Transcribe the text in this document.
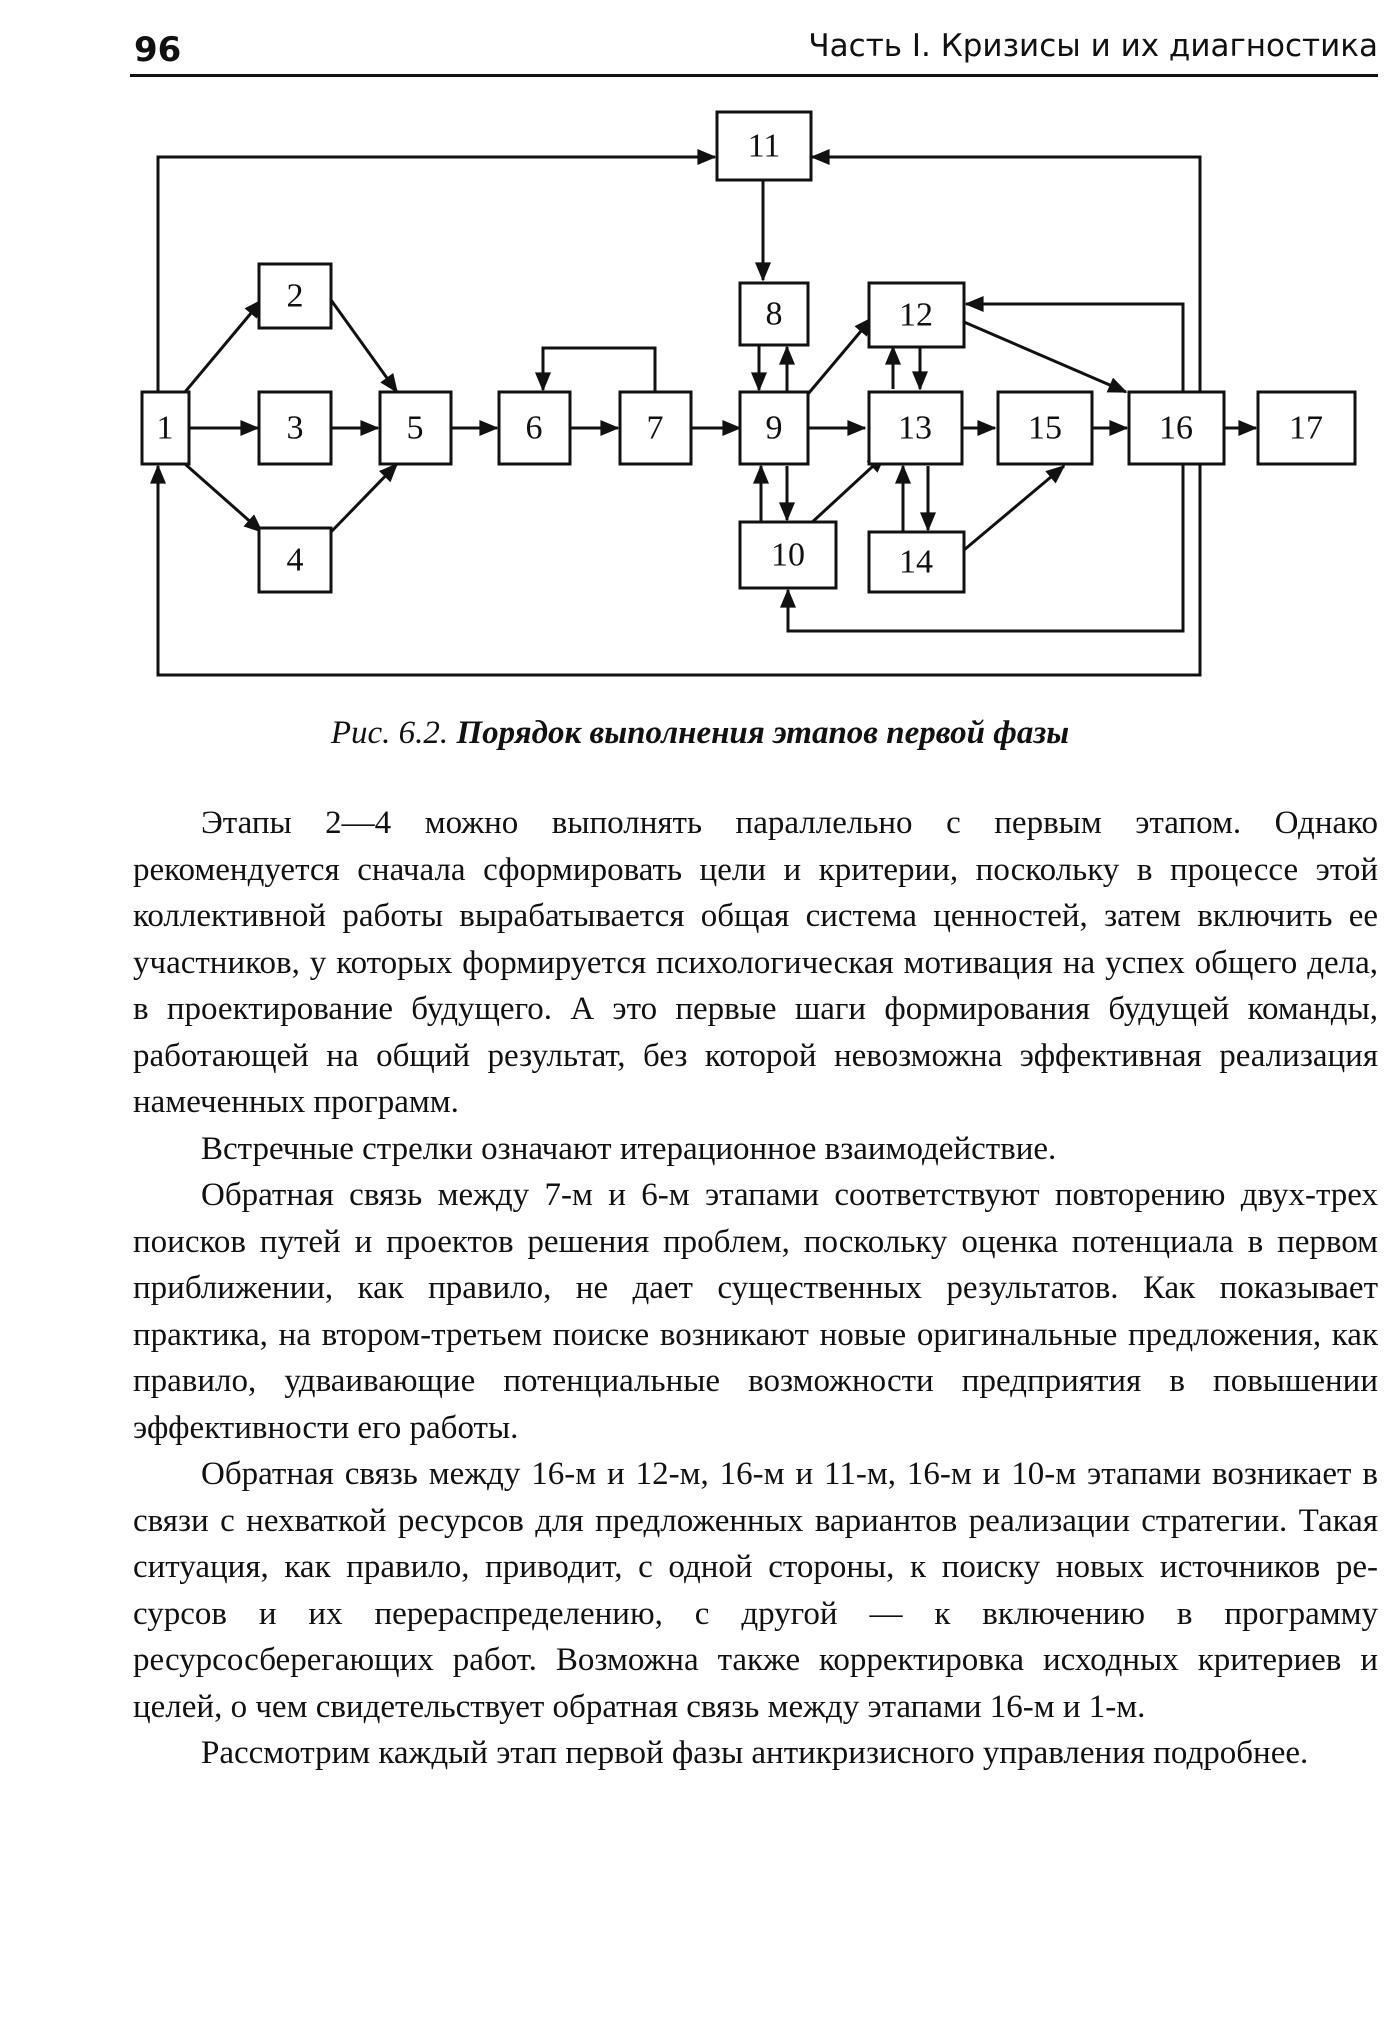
96	Часть I. Кризисы и их диагностика
1
2
3
4
5	6	7
8
9
10
11
12
13
14
15	16	17
Рис. 6.2. Порядок выполнения этапов первой фазы

Этапы 2—4 можно выполнять параллельно с первым этапом. Однако рекомендуется сначала сформировать цели и критерии, поскольку в процессе этой коллективной работы вырабатывается общая система ценностей, затем включить ее участников, у которых формируется психологическая мотивация на успех общего дела, в проектирование будущего. А это первые шаги формирования будущей команды, работающей на общий результат, без которой невозможна эффективная реализация намеченных программ.

Встречные стрелки означают итерационное взаимодействие.

Обратная связь между 7-м и 6-м этапами соответствуют повторению двух-трех поисков путей и проектов решения проблем, поскольку оценка потенциала в первом приближении, как правило, не дает существенных результатов. Как показывает практика, на втором-третьем поиске возникают новые оригинальные предложения, как правило, удваивающие потенциальные возможности предприятия в повышении эффективности его работы.

Обратная связь между 16-м и 12-м, 16-м и 11-м, 16-м и 10-м этапами возникает в связи с нехваткой ресурсов для предложенных вариантов реализации стратегии. Такая ситуация, как правило, приводит, с одной стороны, к поиску новых источников ресурсов и их перераспределению, с другой — к включению в программу ресурсосберегающих работ. Возможна также корректировка исходных критериев и целей, о чем свидетельствует обратная связь между этапами 16-м и 1-м.

Рассмотрим каждый этап первой фазы антикризисного управления подробнее.
